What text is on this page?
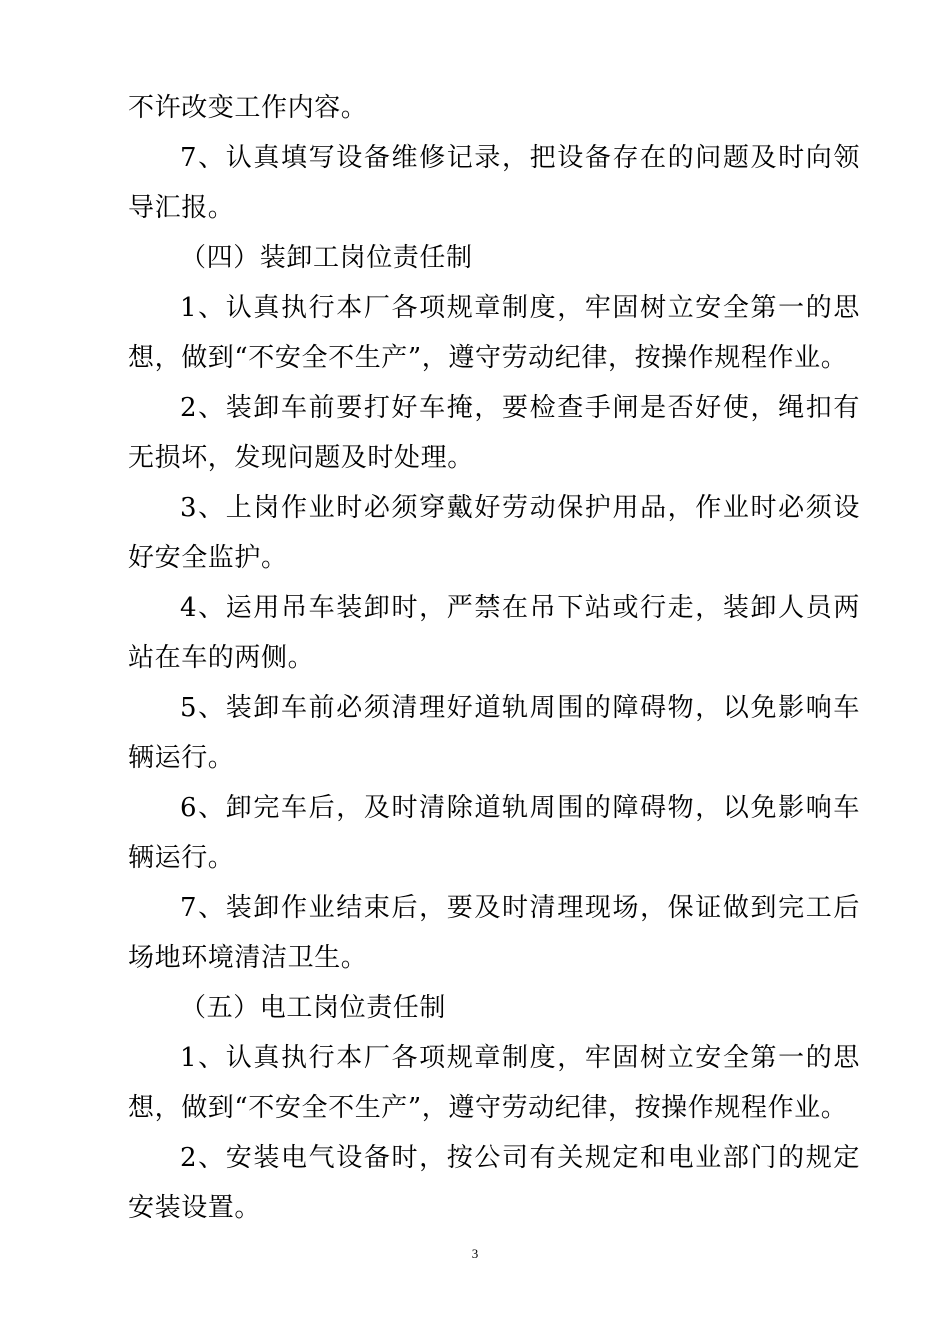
不许改变工作内容。

7、认真填写设备维修记录，把设备存在的问题及时向领导汇报。

（四）装卸工岗位责任制

1、认真执行本厂各项规章制度，牢固树立安全第一的思想，做到“不安全不生产”，遵守劳动纪律，按操作规程作业。

2、装卸车前要打好车掩，要检查手闸是否好使，绳扣有无损坏，发现问题及时处理。

3、上岗作业时必须穿戴好劳动保护用品，作业时必须设好安全监护。

4、运用吊车装卸时，严禁在吊下站或行走，装卸人员两站在车的两侧。

5、装卸车前必须清理好道轨周围的障碍物，以免影响车辆运行。

6、卸完车后，及时清除道轨周围的障碍物，以免影响车辆运行。

7、装卸作业结束后，要及时清理现场，保证做到完工后场地环境清洁卫生。

（五）电工岗位责任制

1、认真执行本厂各项规章制度，牢固树立安全第一的思想，做到“不安全不生产”，遵守劳动纪律，按操作规程作业。

2、安装电气设备时，按公司有关规定和电业部门的规定安装设置。

3
